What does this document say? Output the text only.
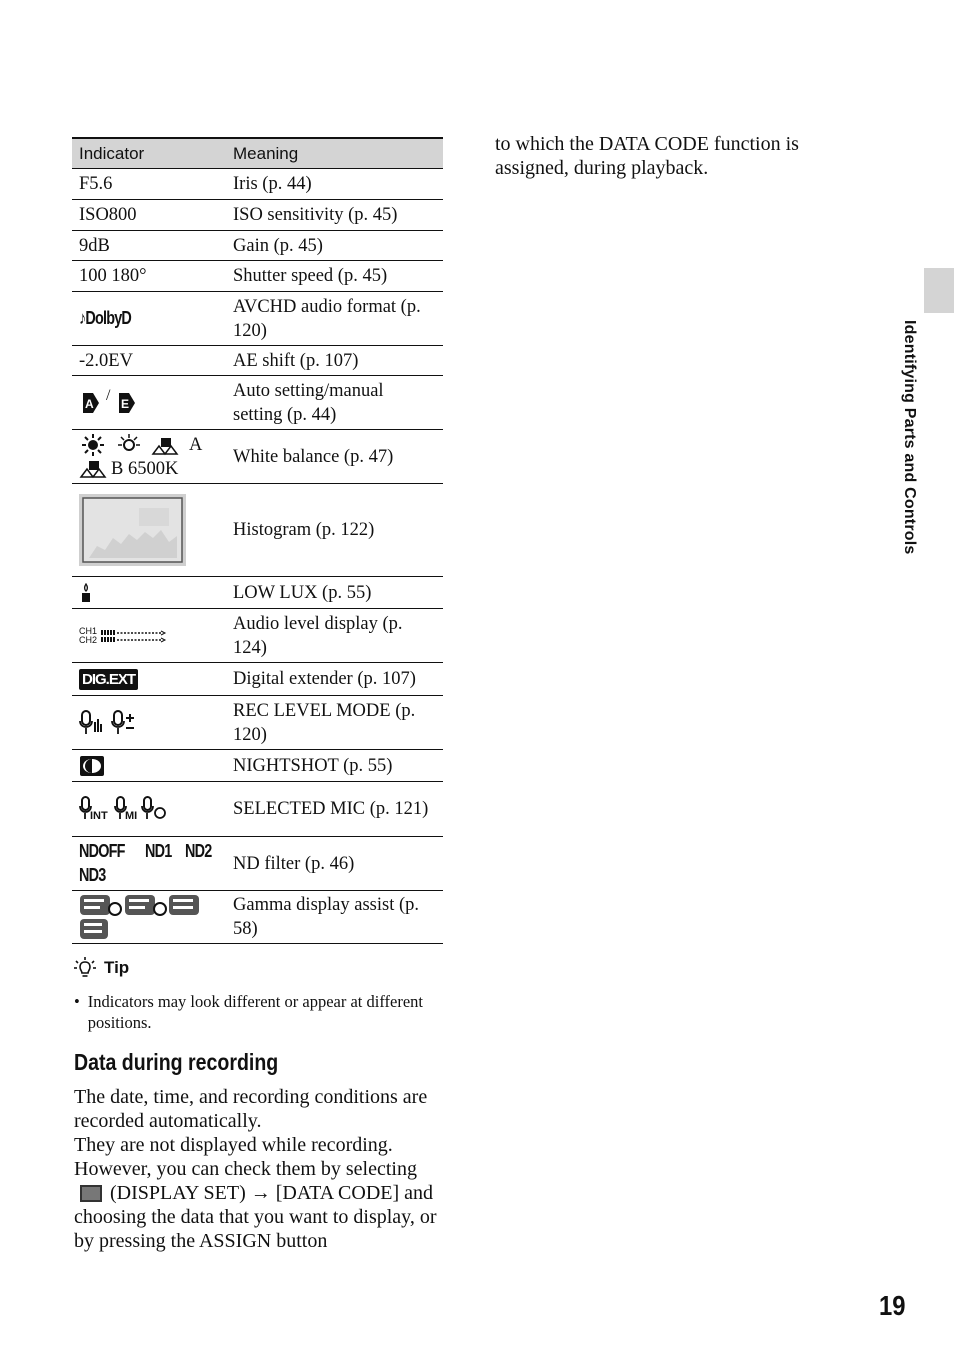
Indicator	Meaning
F5.6	Iris (p. 44)
ISO800	ISO sensitivity (p. 45)
9dB	Gain (p. 45)
100 180°	Shutter speed (p. 45)
♪DolbyD	AVCHD audio format (p. 120)
-2.0EV	AE shift (p. 107)

A E
/	Auto setting/manual setting (p. 44)

A
B 6500K	White balance (p. 47)
	Histogram (p. 122)
	LOW LUX (p. 55)

CH1
CH2	Audio level display (p. 124)
DIG.EXT	Digital extender (p. 107)
	REC LEVEL MODE (p. 120)
	NIGHTSHOT (p. 55)

INT MI	SELECTED MIC (p. 121)

NDOFF ND1 ND2
ND3	ND filter (p. 46)
	Gamma display assist (p. 58)
Tip
• Indicators may look different or appear at different positions.
Data during recording

The date, time, and recording conditions are recorded automatically.

They are not displayed while recording.

However, you can check them by selecting
(DISPLAY SET) → [DATA CODE] and choosing the data that you want to display, or by pressing the ASSIGN button

to which the DATA CODE function is assigned, during playback.
Identifying Parts and Controls
19
